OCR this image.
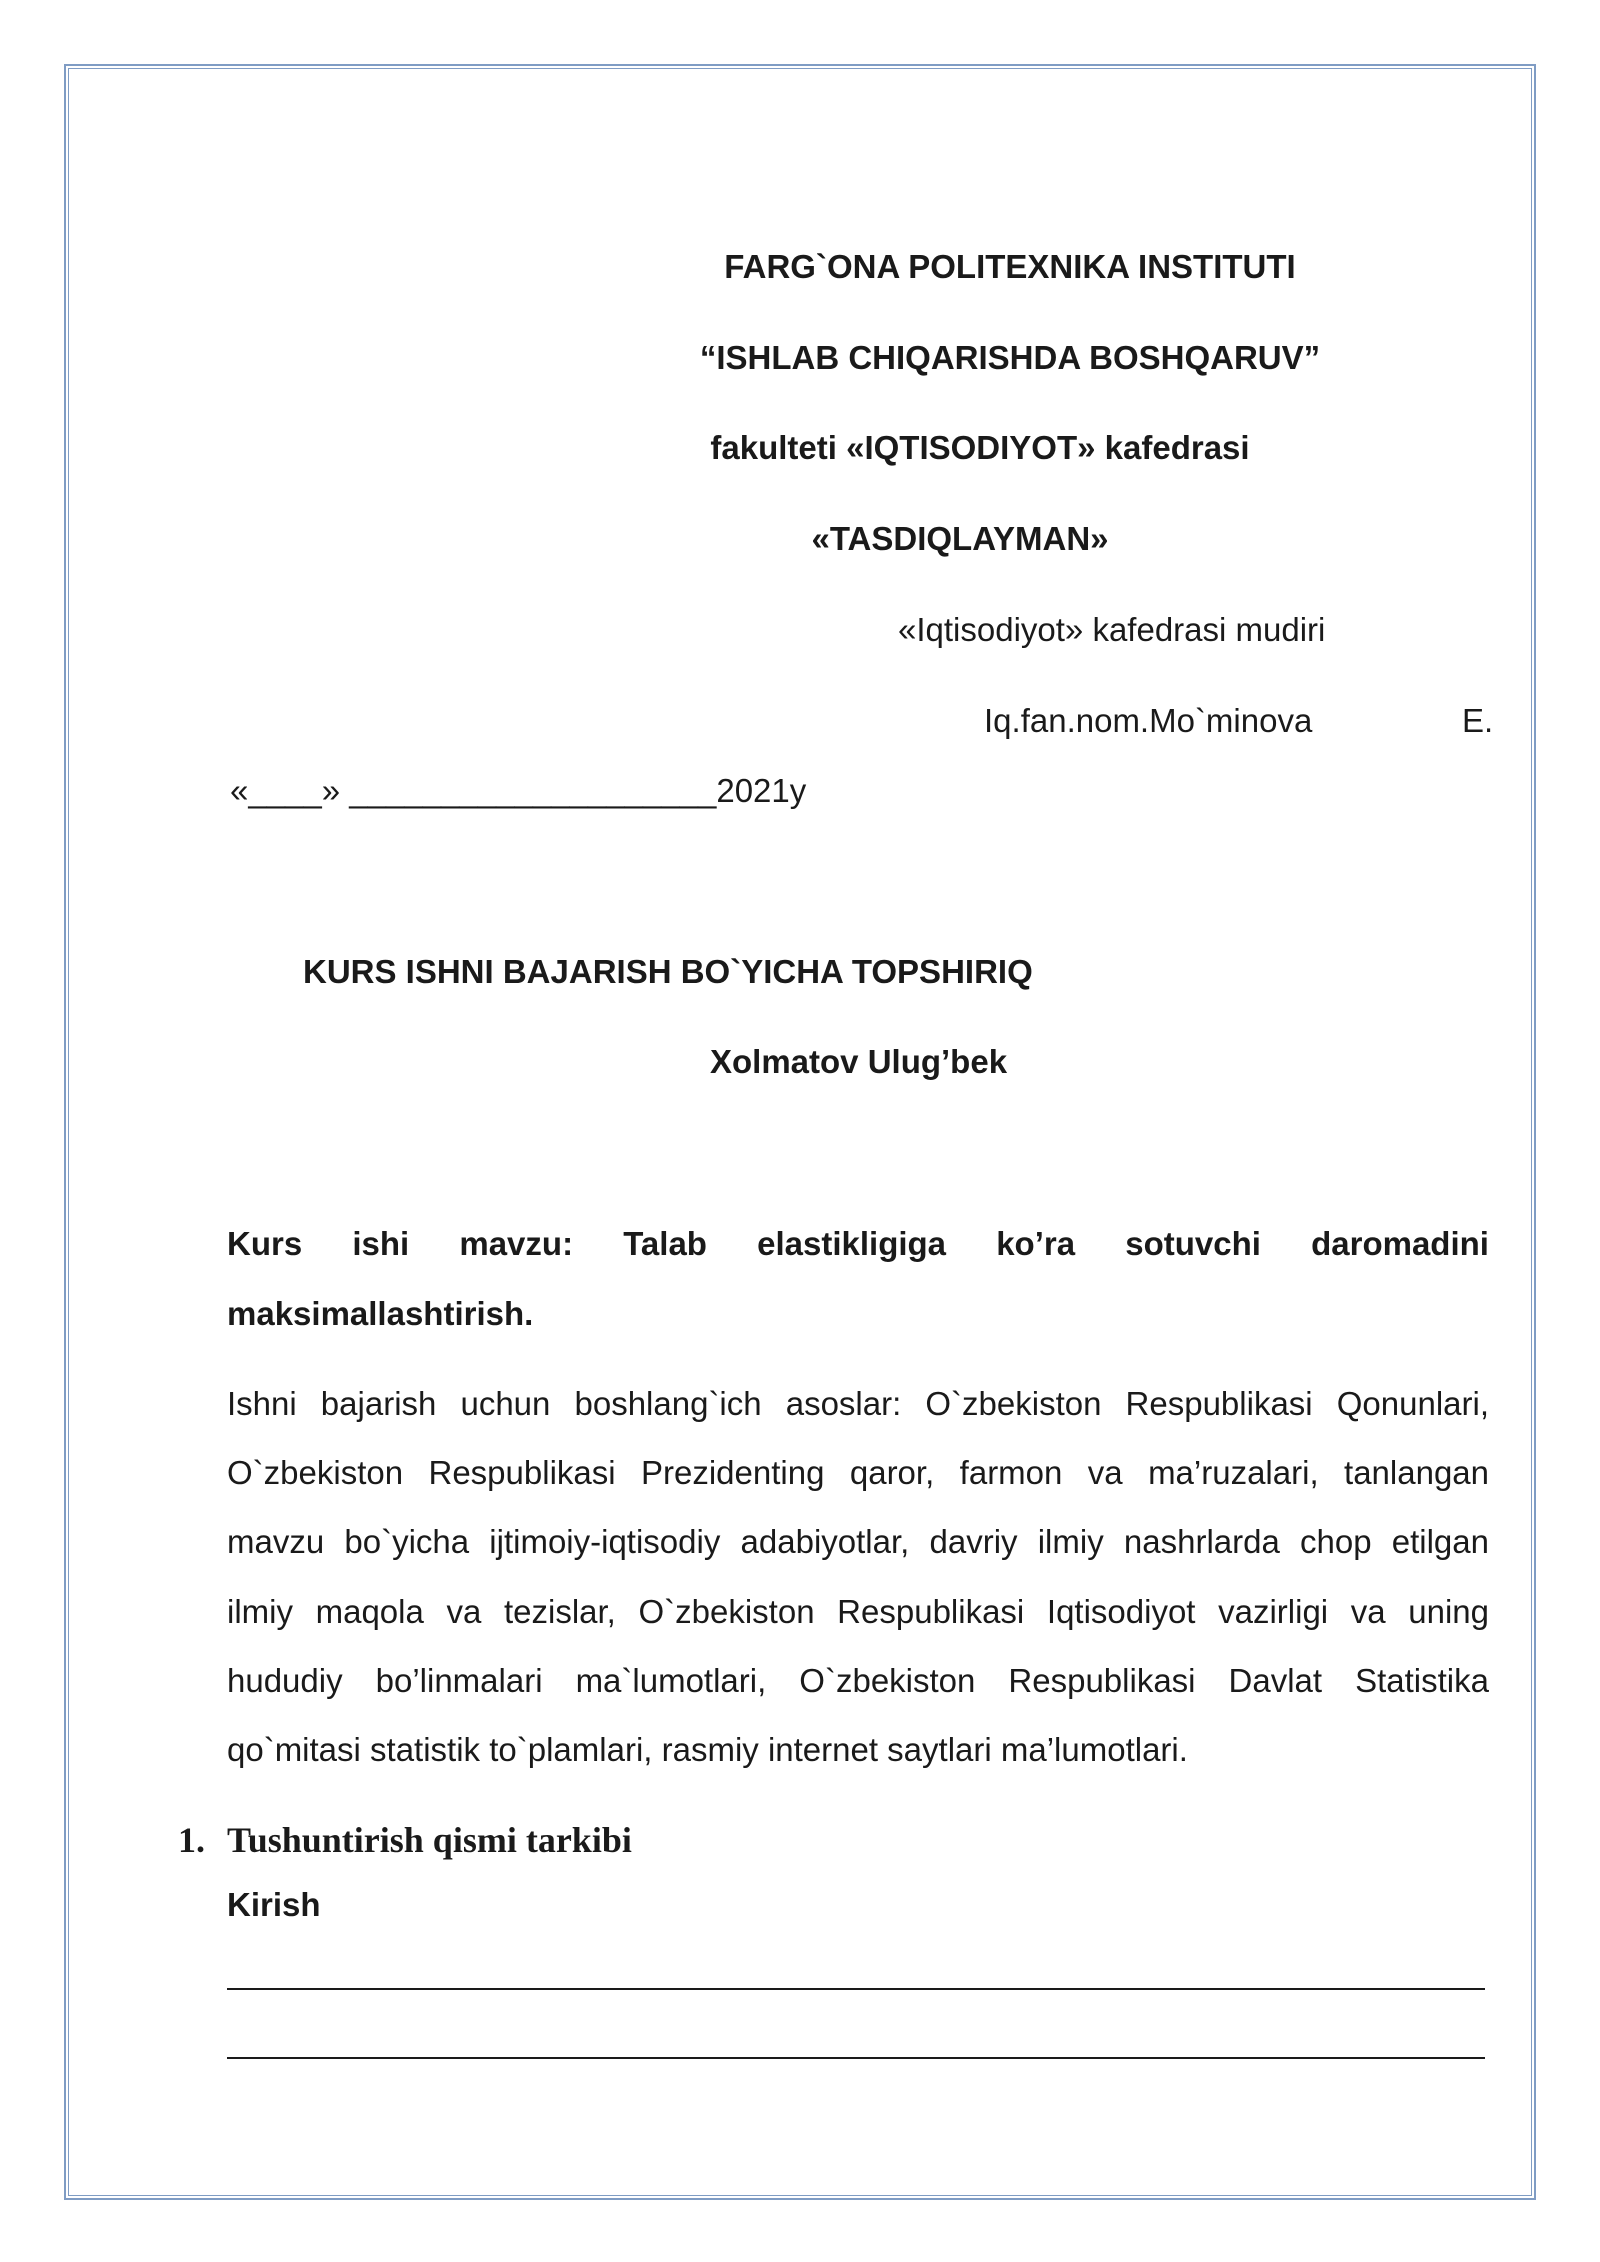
FARG`ONA POLITEXNIKA INSTITUTI
“ISHLAB CHIQARISHDA BOSHQARUV”
fakulteti «IQTISODIYOT» kafedrasi
«TASDIQLAYMAN»
«Iqtisodiyot» kafedrasi mudiri
Iq.fan.nom.Mo`minova	E.
«____» ____________________2021y
KURS ISHNI BAJARISH BO`YICHA TOPSHIRIQ
Xolmatov Ulug’bek
Kurs ishi mavzu: Talab elastikligiga ko’ra sotuvchi daromadini
maksimallashtirish.
Ishni bajarish uchun boshlang`ich asoslar: O`zbekiston Respublikasi Qonunlari,
O`zbekiston Respublikasi Prezidenting qaror, farmon va ma’ruzalari, tanlangan
mavzu bo`yicha ijtimoiy-iqtisodiy adabiyotlar, davriy ilmiy nashrlarda chop etilgan
ilmiy maqola va tezislar, O`zbekiston Respublikasi Iqtisodiyot vazirligi va uning
hududiy bo’linmalari ma`lumotlari, O`zbekiston Respublikasi Davlat Statistika
qo`mitasi statistik to`plamlari, rasmiy internet saytlari ma’lumotlari.
1. Tushuntirish qismi tarkibi
Kirish
